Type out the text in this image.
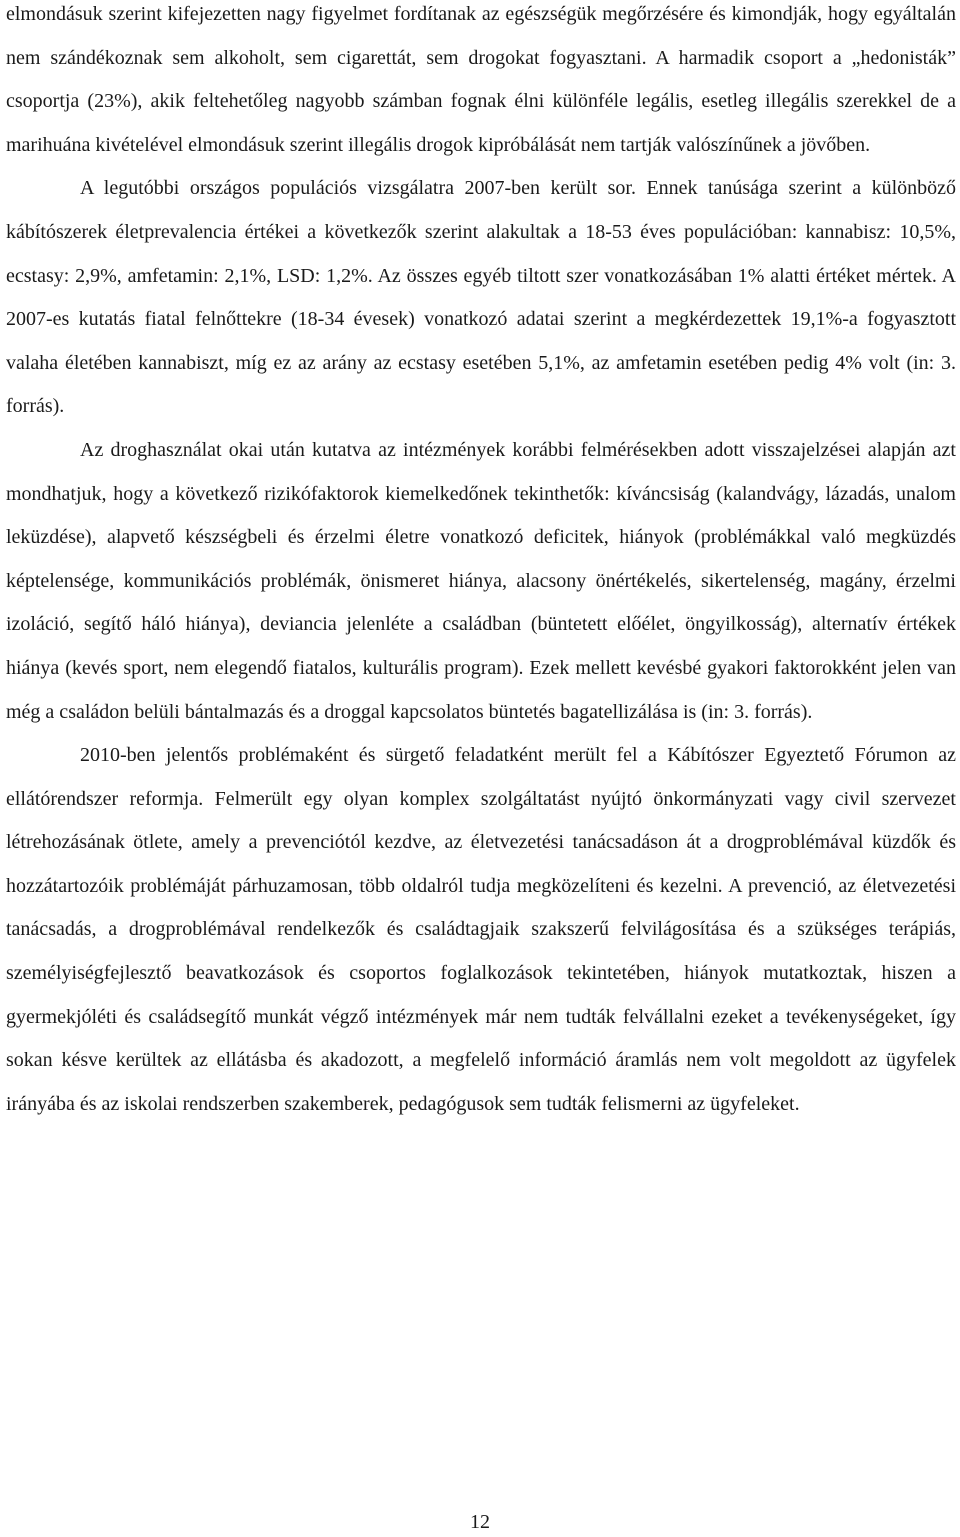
elmondásuk szerint kifejezetten nagy figyelmet fordítanak az egészségük megőrzésére és kimondják, hogy egyáltalán nem szándékoznak sem alkoholt, sem cigarettát, sem drogokat fogyasztani. A harmadik csoport a „hedonisták” csoportja (23%), akik feltehetőleg nagyobb számban fognak élni különféle legális, esetleg illegális szerekkel de a marihuána kivételével elmondásuk szerint illegális drogok kipróbálását nem tartják valószínűnek a jövőben.

A legutóbbi országos populációs vizsgálatra 2007-ben került sor. Ennek tanúsága szerint a különböző kábítószerek életprevalencia értékei a következők szerint alakultak a 18-53 éves populációban: kannabisz: 10,5%, ecstasy: 2,9%, amfetamin: 2,1%, LSD: 1,2%. Az összes egyéb tiltott szer vonatkozásában 1% alatti értéket mértek. A 2007-es kutatás fiatal felnőttekre (18-34 évesek) vonatkozó adatai szerint a megkérdezettek 19,1%-a fogyasztott valaha életében kannabiszt, míg ez az arány az ecstasy esetében 5,1%, az amfetamin esetében pedig 4% volt (in: 3. forrás).

Az droghasználat okai után kutatva az intézmények korábbi felmérésekben adott visszajelzései alapján azt mondhatjuk, hogy a következő rizikófaktorok kiemelkedőnek tekinthetők: kíváncsiság (kalandvágy, lázadás, unalom leküzdése), alapvető készségbeli és érzelmi életre vonatkozó deficitek, hiányok (problémákkal való megküzdés képtelensége, kommunikációs problémák, önismeret hiánya, alacsony önértékelés, sikertelenség, magány, érzelmi izoláció, segítő háló hiánya), deviancia jelenléte a családban (büntetett előélet, öngyilkosság), alternatív értékek hiánya (kevés sport, nem elegendő fiatalos, kulturális program). Ezek mellett kevésbé gyakori faktorokként jelen van még a családon belüli bántalmazás és a droggal kapcsolatos büntetés bagatellizálása is (in: 3. forrás).

2010-ben jelentős problémaként és sürgető feladatként merült fel a Kábítószer Egyeztető Fórumon az ellátórendszer reformja. Felmerült egy olyan komplex szolgáltatást nyújtó önkormányzati vagy civil szervezet létrehozásának ötlete, amely a prevenciótól kezdve, az életvezetési tanácsadáson át a drogproblémával küzdők és hozzátartozóik problémáját párhuzamosan, több oldalról tudja megközelíteni és kezelni. A prevenció, az életvezetési tanácsadás, a drogproblémával rendelkezők és családtagjaik szakszerű felvilágosítása és a szükséges terápiás, személyiségfejlesztő beavatkozások és csoportos foglalkozások tekintetében, hiányok mutatkoztak, hiszen a gyermekjóléti és családsegítő munkát végző intézmények már nem tudták felvállalni ezeket a tevékenységeket, így sokan késve kerültek az ellátásba és akadozott, a megfelelő információ áramlás nem volt megoldott az ügyfelek irányába és az iskolai rendszerben szakemberek, pedagógusok sem tudták felismerni az ügyfeleket.

12
